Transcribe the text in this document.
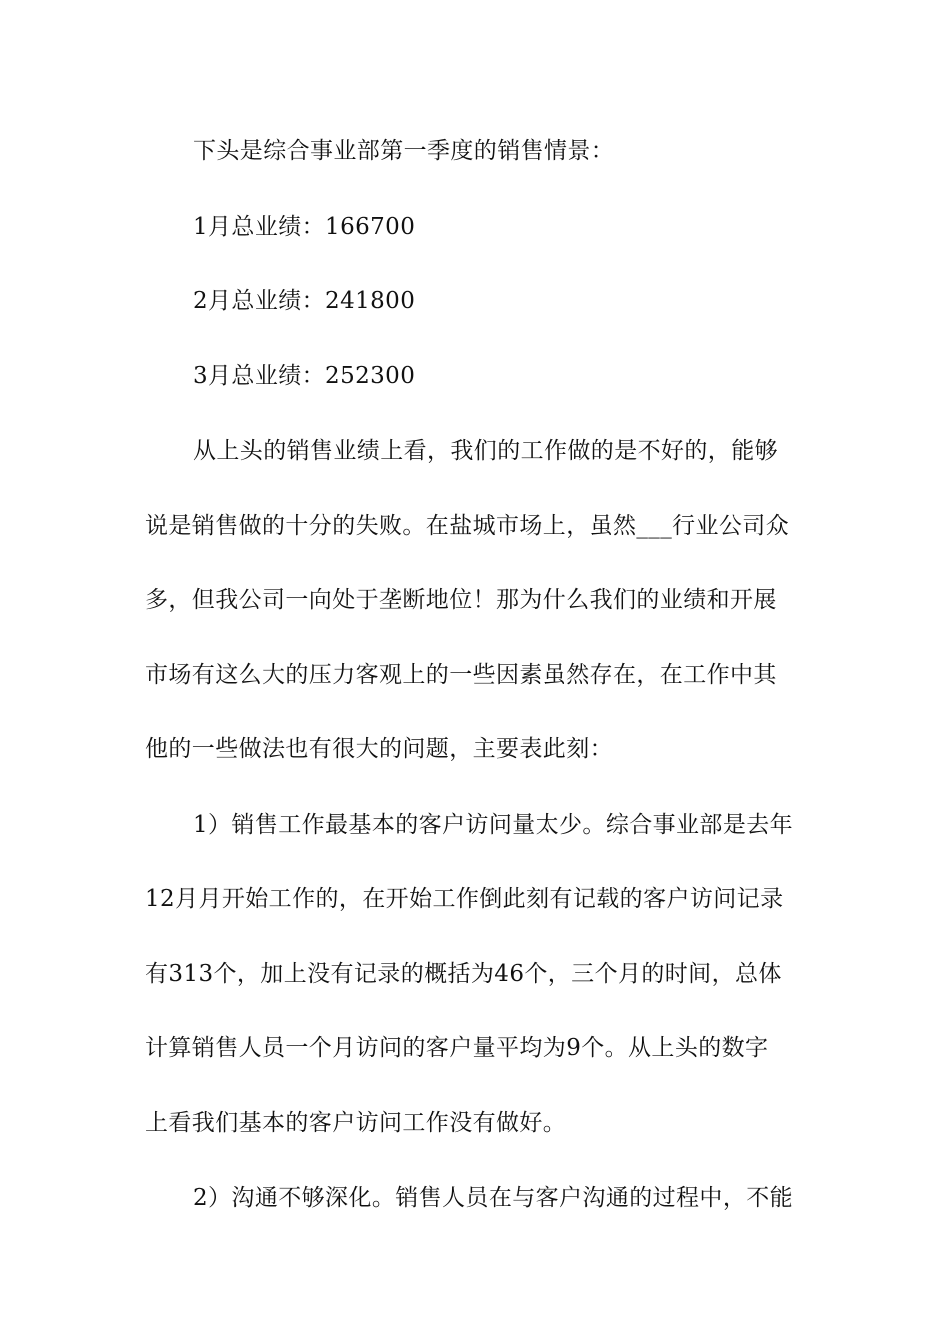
下头是综合事业部第一季度的销售情景：
1月总业绩：166700
2月总业绩：241800
3月总业绩：252300
从上头的销售业绩上看，我们的工作做的是不好的，能够
说是销售做的十分的失败。在盐城市场上，虽然___行业公司众
多，但我公司一向处于垄断地位！那为什么我们的业绩和开展
市场有这么大的压力客观上的一些因素虽然存在，在工作中其
他的一些做法也有很大的问题，主要表此刻：
1）销售工作最基本的客户访问量太少。综合事业部是去年
12月月开始工作的，在开始工作倒此刻有记载的客户访问记录
有313个，加上没有记录的概括为46个，三个月的时间，总体
计算销售人员一个月访问的客户量平均为9个。从上头的数字
上看我们基本的客户访问工作没有做好。
2）沟通不够深化。销售人员在与客户沟通的过程中，不能
